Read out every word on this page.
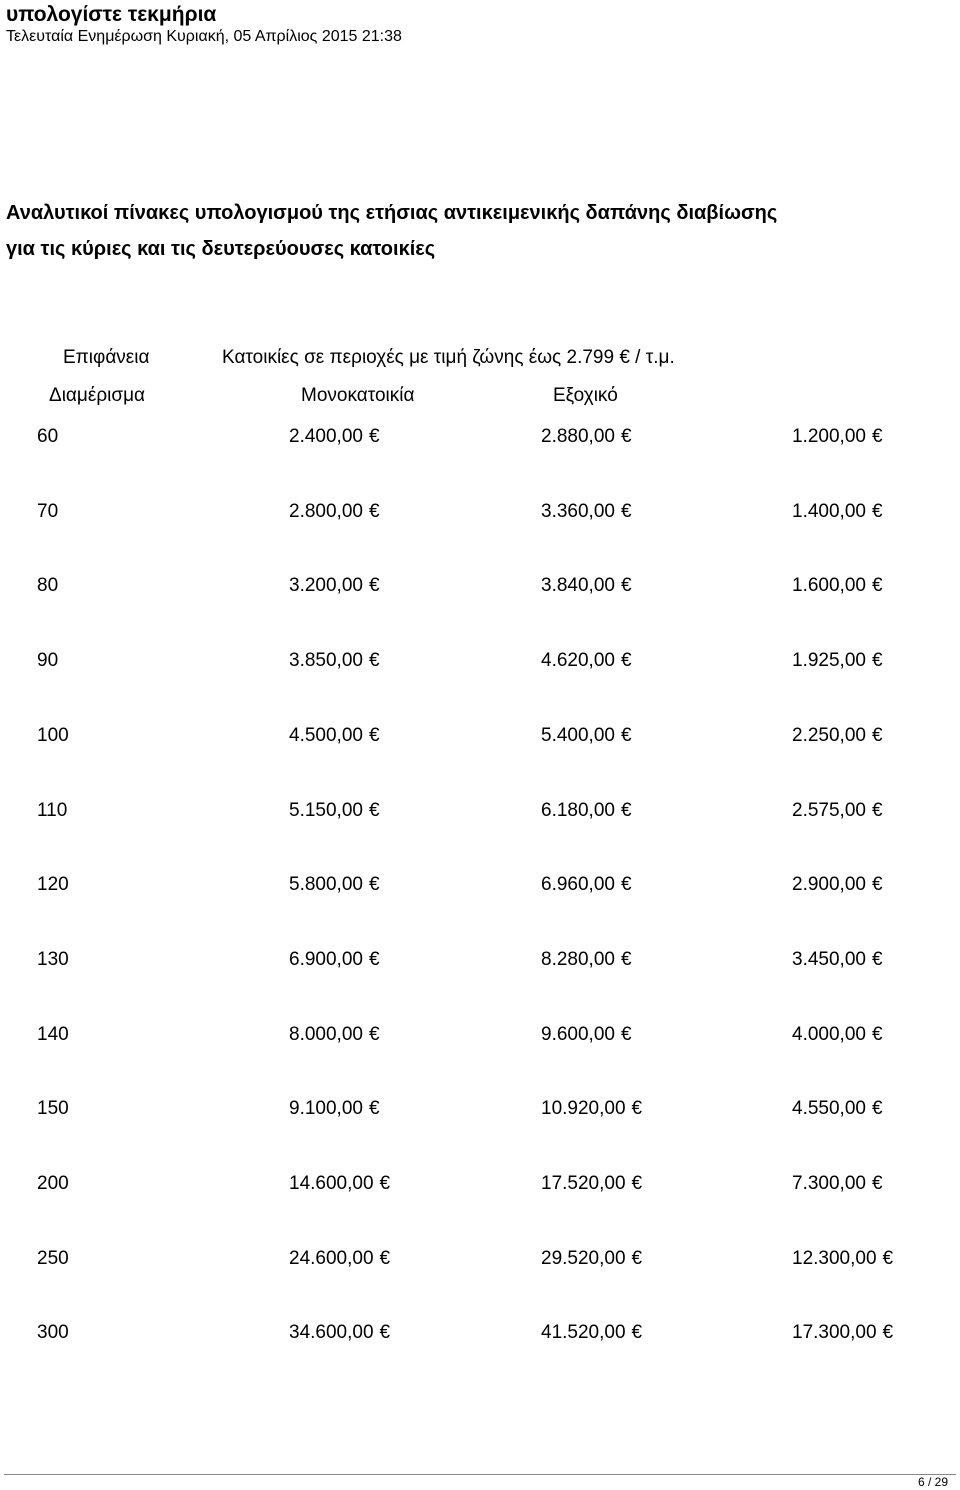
υπολογίστε τεκμήρια
Τελευταία Ενημέρωση Κυριακή, 05 Απρίλιος 2015 21:38
Αναλυτικοί πίνακες υπολογισμού της ετήσιας αντικειμενικής δαπάνης διαβίωσης
για τις κύριες και τις δευτερεύουσες κατοικίες
Επιφάνεια	Κατοικίες σε περιοχές με τιμή ζώνης έως 2.799 € / τ.μ.
Διαμέρισμα	Μονοκατοικία	Εξοχικό
60	2.400,00 €	2.880,00 €	1.200,00 €
70	2.800,00 €	3.360,00 €	1.400,00 €
80	3.200,00 €	3.840,00 €	1.600,00 €
90	3.850,00 €	4.620,00 €	1.925,00 €
100	4.500,00 €	5.400,00 €	2.250,00 €
110	5.150,00 €	6.180,00 €	2.575,00 €
120	5.800,00 €	6.960,00 €	2.900,00 €
130	6.900,00 €	8.280,00 €	3.450,00 €
140	8.000,00 €	9.600,00 €	4.000,00 €
150	9.100,00 €	10.920,00 €	4.550,00 €
200	14.600,00 €	17.520,00 €	7.300,00 €
250	24.600,00 €	29.520,00 €	12.300,00 €
300	34.600,00 €	41.520,00 €	17.300,00 €
6 / 29
